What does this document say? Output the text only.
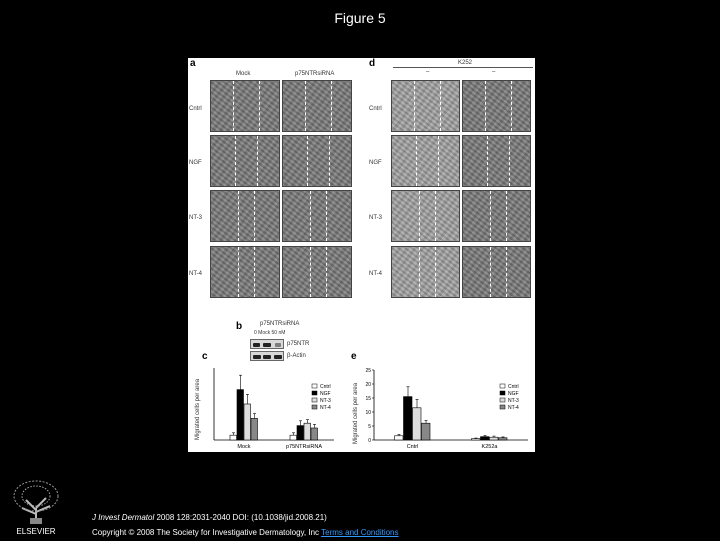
Figure 5
a
Mock	p75NTRsiRNA
Cntrl
NGF
NT-3
NT-4
d	K252
–	–
Cntrl
NGF
NT-3
NT-4
b	p75NTRsiRNA
0 Mock 50 nM
p75NTR
β-Actin
c
Migrated cells per area
Mock	p75NTRsiRNA
Cntrl
NGF
NT-3
NT-4
e
Migrated cells per area 0
5
10
15
20
25
Cntrl	K252a
Cntrl
NGF
NT-3
NT-4
ELSEVIER
J Invest Dermatol 2008 128:2031-2040 DOI: (10.1038/jid.2008.21)
Copyright © 2008 The Society for Investigative Dermatology, Inc Terms and Conditions
